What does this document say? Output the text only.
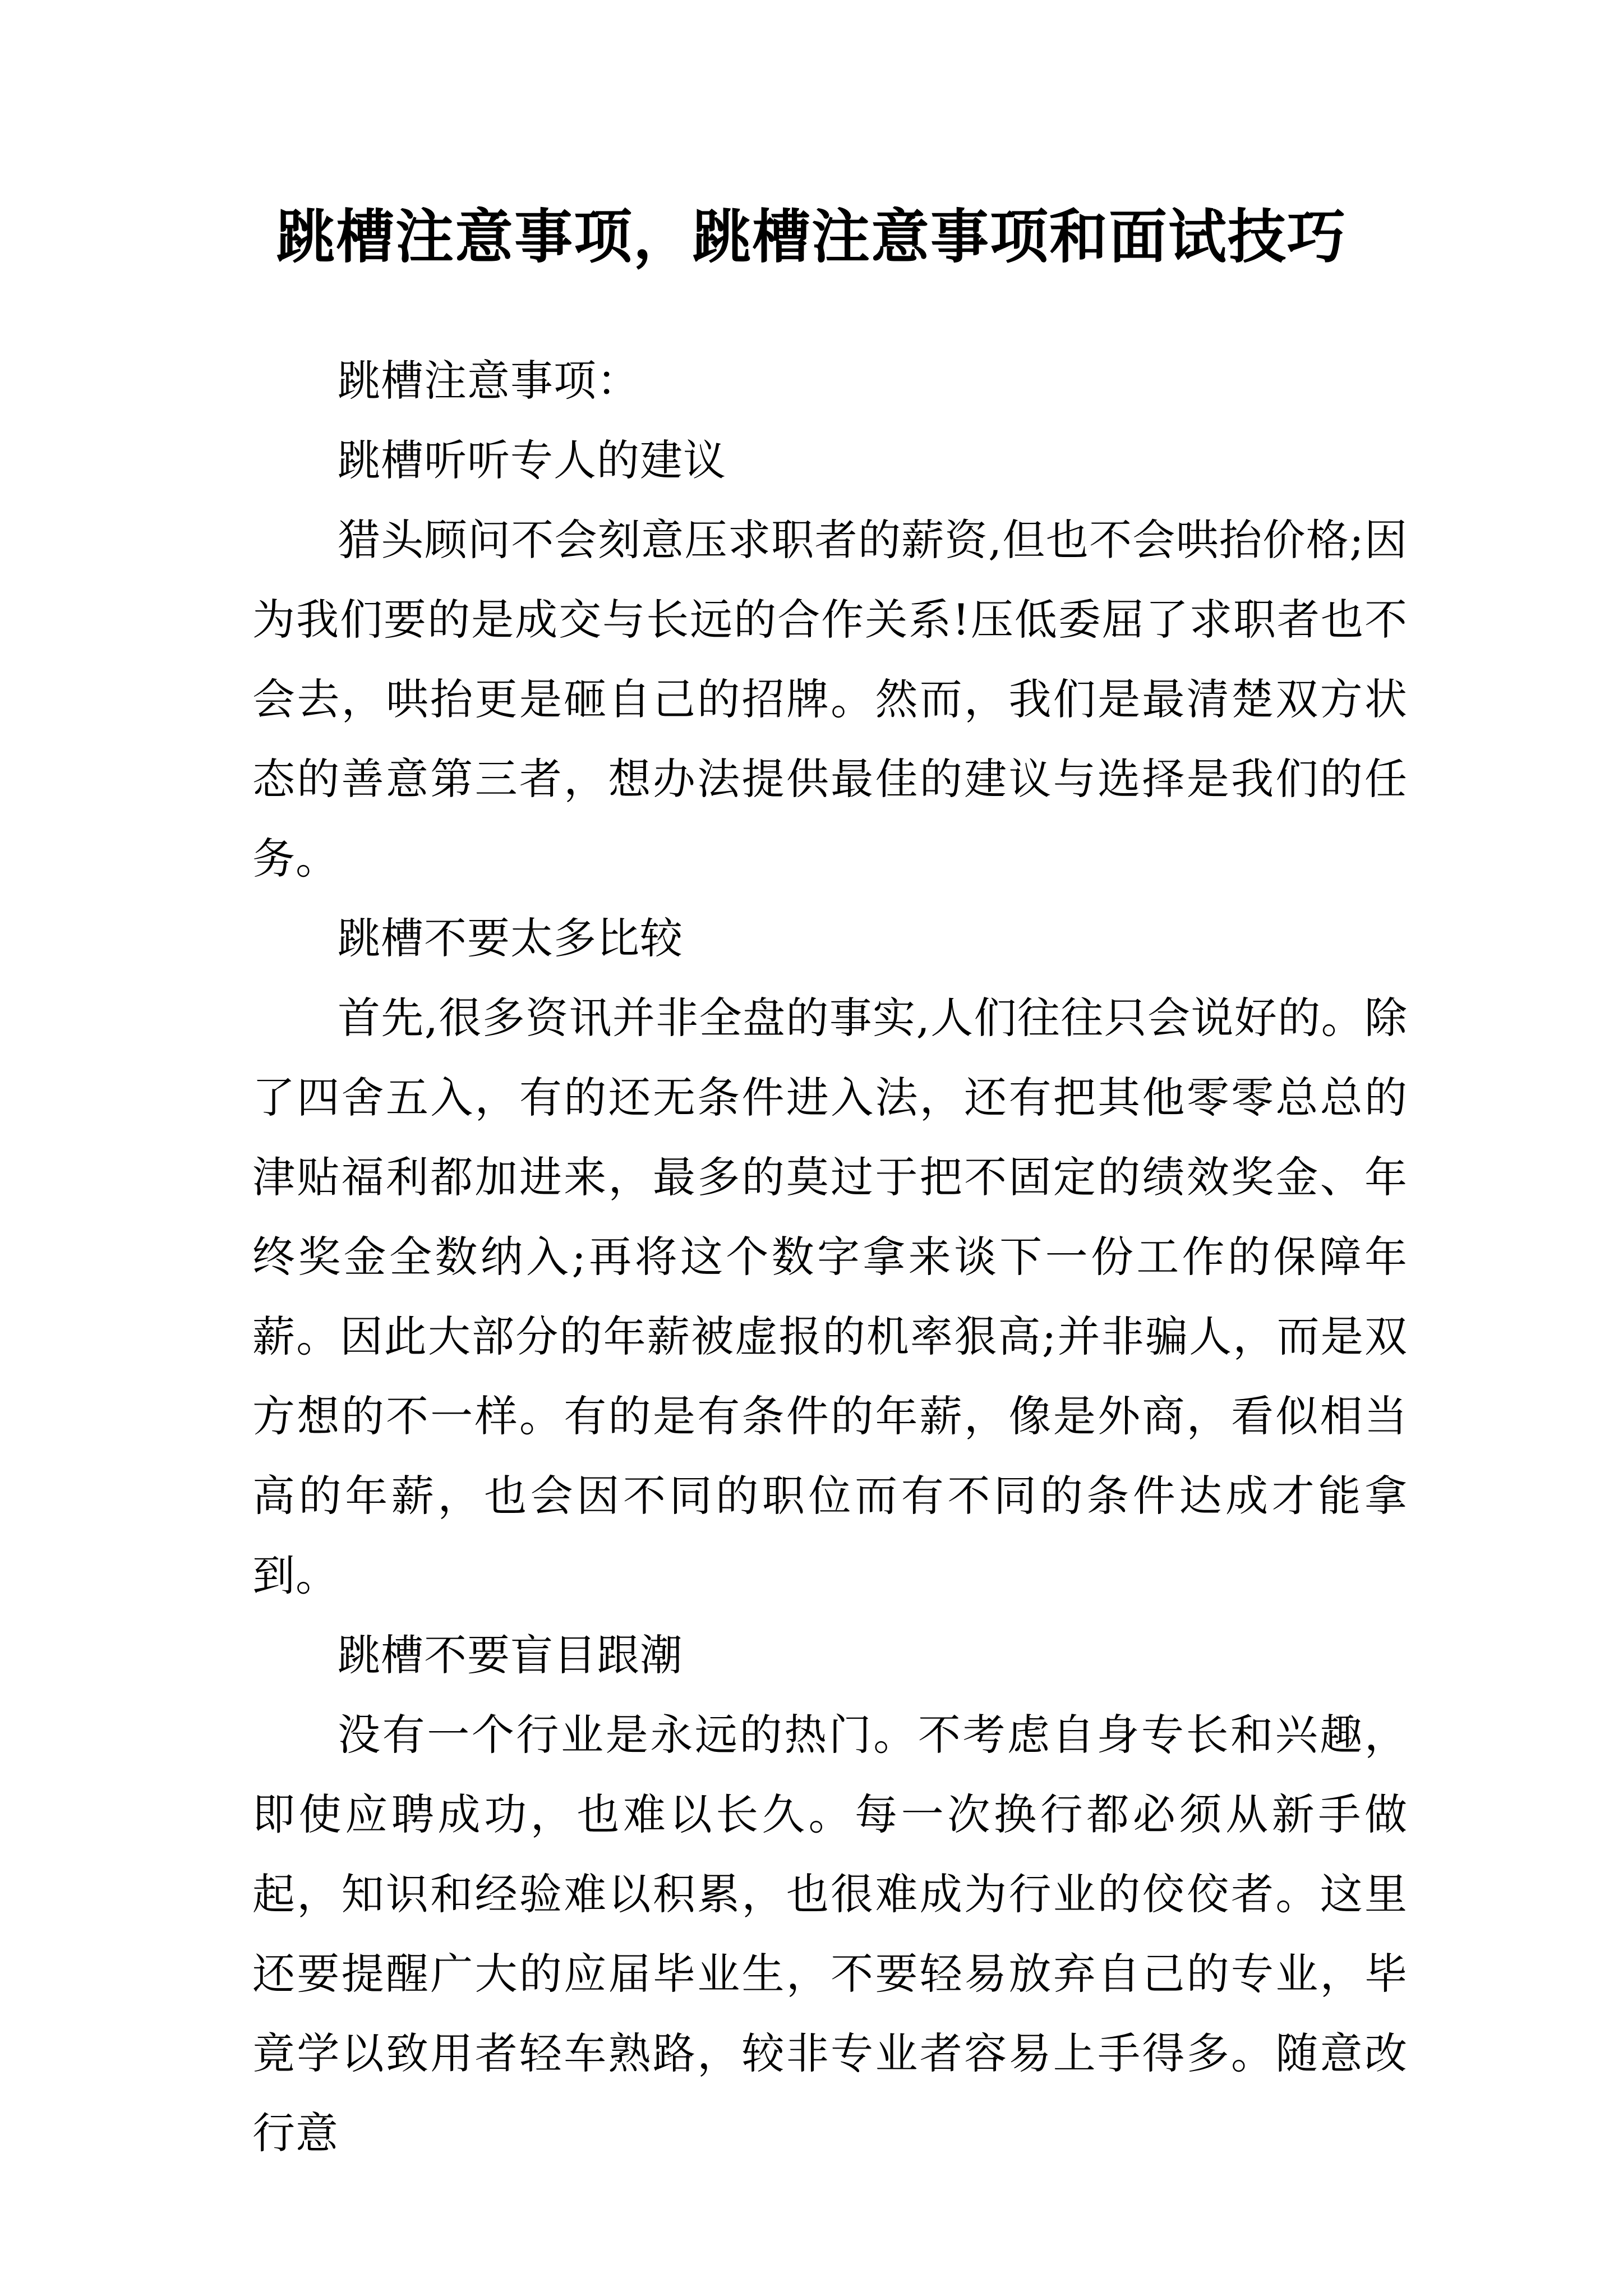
跳槽注意事项，跳槽注意事项和面试技巧

跳槽注意事项：

跳槽听听专人的建议

猎头顾问不会刻意压求职者的薪资,但也不会哄抬价格;因为我们要的是成交与长远的合作关系!压低委屈了求职者也不会去，哄抬更是砸自己的招牌。然而，我们是最清楚双方状态的善意第三者，想办法提供最佳的建议与选择是我们的任务。

跳槽不要太多比较

首先,很多资讯并非全盘的事实,人们往往只会说好的。除了四舍五入，有的还无条件进入法，还有把其他零零总总的津贴福利都加进来，最多的莫过于把不固定的绩效奖金、年终奖金全数纳入;再将这个数字拿来谈下一份工作的保障年薪。因此大部分的年薪被虚报的机率狠高;并非骗人，而是双方想的不一样。有的是有条件的年薪，像是外商，看似相当高的年薪，也会因不同的职位而有不同的条件达成才能拿到。

跳槽不要盲目跟潮

没有一个行业是永远的热门。不考虑自身专长和兴趣，即使应聘成功，也难以长久。每一次换行都必须从新手做起，知识和经验难以积累，也很难成为行业的佼佼者。这里还要提醒广大的应届毕业生，不要轻易放弃自己的专业，毕竟学以致用者轻车熟路，较非专业者容易上手得多。随意改行意
